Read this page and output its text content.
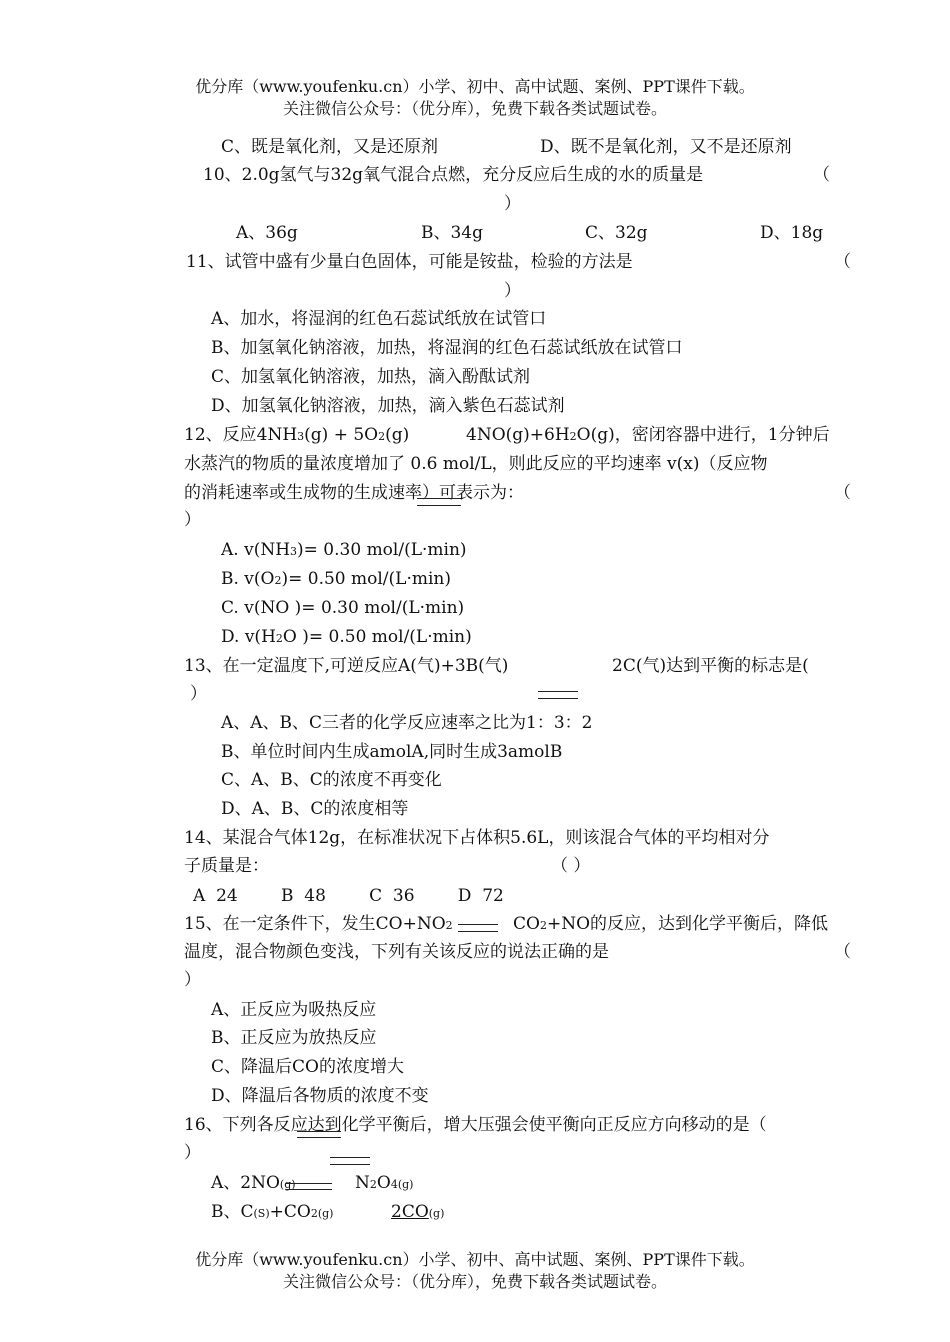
优分库（www.youfenku.cn）小学、初中、高中试题、案例、PPT课件下载。
关注微信公众号：（优分库），免费下载各类试题试卷。
C、既是氧化剂，又是还原剂	D、既不是氧化剂，又不是还原剂
10、2.0g氢气与32g氧气混合点燃，充分反应后生成的水的质量是	（
）
A、36g	B、34g	C、32g	D、18g
11、试管中盛有少量白色固体，可能是铵盐，检验的方法是	（
）
A、加水，将湿润的红色石蕊试纸放在试管口
B、加氢氧化钠溶液，加热，将湿润的红色石蕊试纸放在试管口
C、加氢氧化钠溶液，加热，滴入酚酞试剂
D、加氢氧化钠溶液，加热，滴入紫色石蕊试剂
12、反应4NH3(g) + 5O2(g)	4NO(g)+6H2O(g)，密闭容器中进行，1分钟后
水蒸汽的物质的量浓度增加了 0.6 mol/L，则此反应的平均速率 v(x)（反应物
的消耗速率或生成物的生成速率）可表示为：	（
）
A. v(NH3)= 0.30 mol/(L·min)
B. v(O2)= 0.50 mol/(L·min)
C. v(NO )= 0.30 mol/(L·min)
D. v(H2O )= 0.50 mol/(L·min)
13、在一定温度下,可逆反应A(气)+3B(气)	2C(气)达到平衡的标志是(
）
A、A、B、C三者的化学反应速率之比为1：3：2
B、单位时间内生成amolA,同时生成3amolB
C、A、B、C的浓度不再变化
D、A、B、C的浓度相等
14、某混合气体12g，在标准状况下占体积5.6L，则该混合气体的平均相对分
子质量是：	（ ）
A  24        B  48        C  36        D  72
15、在一定条件下，发生CO+NO2	CO2+NO的反应，达到化学平衡后，降低
温度，混合物颜色变浅，下列有关该反应的说法正确的是	（
）
A、正反应为吸热反应
B、正反应为放热反应
C、降温后CO的浓度增大
D、降温后各物质的浓度不变
16、下列各反应达到化学平衡后，增大压强会使平衡向正反应方向移动的是（
）
A、2NO(g)	N2O4(g)
B、C(S)+CO2(g)	2CO(g)
优分库（www.youfenku.cn）小学、初中、高中试题、案例、PPT课件下载。
关注微信公众号：（优分库），免费下载各类试题试卷。
